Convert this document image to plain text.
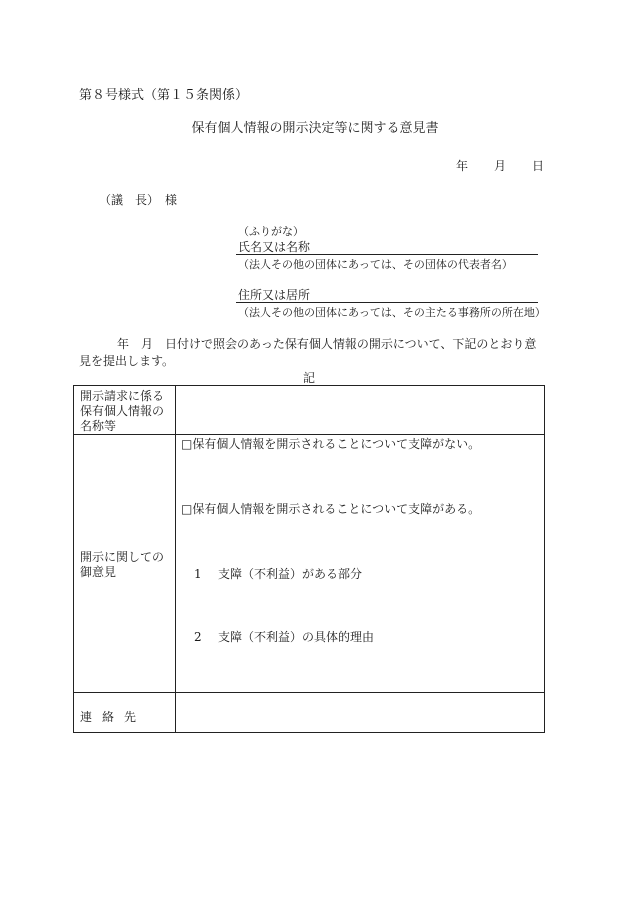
第８号様式（第１５条関係）
保有個人情報の開示決定等に関する意見書
年 月 日
（議　長）　様
（ふりがな）
氏名又は名称
（法人その他の団体にあっては、その団体の代表者名）
住所又は居所
（法人その他の団体にあっては、その主たる事務所の所在地）
年　月　日付けで照会のあった保有個人情報の開示について、下記のとおり意
見を提出します。
記
開示請求に係る
保有個人情報の
名称等
開示に関しての
御意見
□保有個人情報を開示されることについて支障がない。
□保有個人情報を開示されることについて支障がある。
1 支障（不利益）がある部分
2 支障（不利益）の具体的理由
連絡先
